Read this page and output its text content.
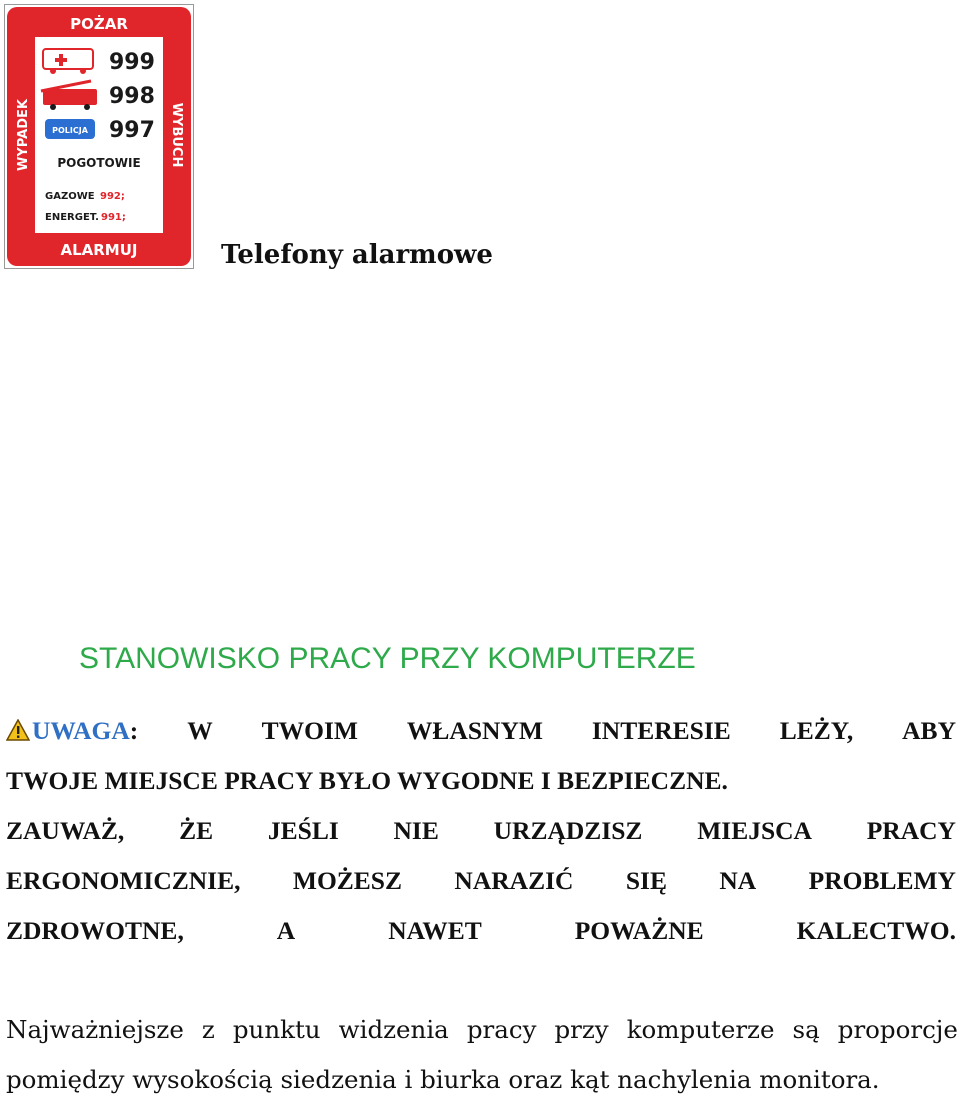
POŻAR
ALARMUJ
WYPADEK	WYBUCH
POLICJA
999
998
997
POGOTOWIE
GAZOWE 992;
ENERGET. 991;
Telefony alarmowe
STANOWISKO PRACY PRZY KOMPUTERZE
UWAGA: W TWOIM WŁASNYM INTERESIE LEŻY, ABY
TWOJE MIEJSCE PRACY BYŁO WYGODNE I BEZPIECZNE.
ZAUWAŻ, ŻE JEŚLI NIE URZĄDZISZ MIEJSCA PRACY
ERGONOMICZNIE, MOŻESZ NARAZIĆ SIĘ NA PROBLEMY
ZDROWOTNE,	A	NAWET	POWAŻNE	KALECTWO.
Najważniejsze z punktu widzenia pracy przy komputerze są proporcje
pomiędzy wysokością siedzenia i biurka oraz kąt nachylenia monitora.
